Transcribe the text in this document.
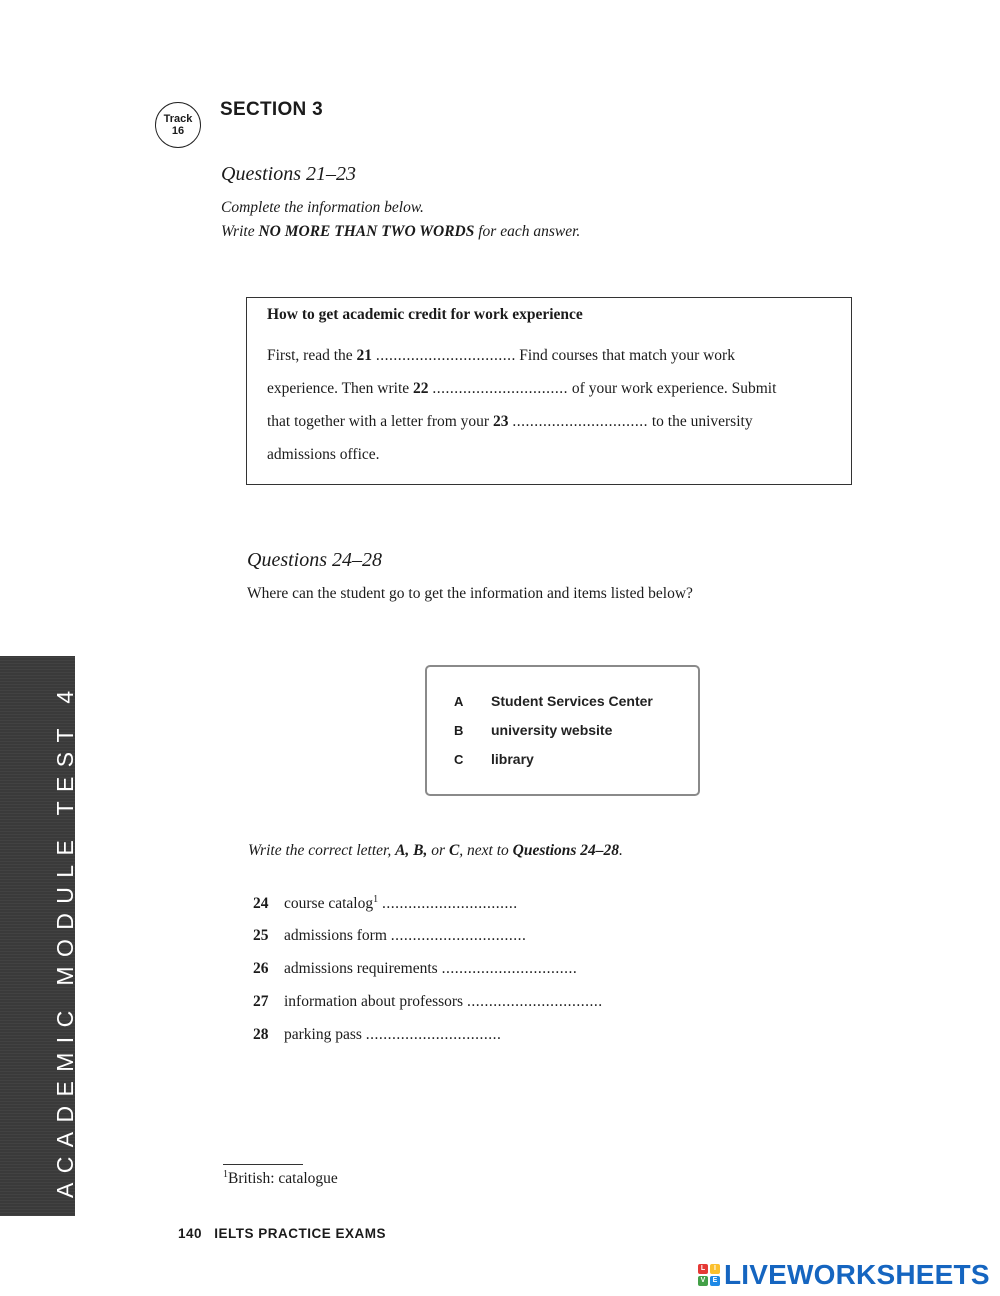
Track
16
SECTION 3
Questions 21–23
Complete the information below.
Write NO MORE THAN TWO WORDS for each answer.
How to get academic credit for work experience
First, read the 21 ................................ Find courses that match your work
experience. Then write 22 ............................... of your work experience. Submit
that together with a letter from your 23 ............................... to the university
admissions office.
Questions 24–28
Where can the student go to get the information and items listed below?
A Student Services Center
B university website
C library
Write the correct letter, A, B, or C, next to Questions 24–28.
24 course catalog$^1$ ...............................
25 admissions form ...............................
26 admissions requirements ...............................
27 information about professors ...............................
28 parking pass ...............................
$^1$British: catalogue
140 IELTS PRACTICE EXAMS
ACADEMIC MODULE TEST 4
L	I
V	E LIVEWORKSHEETS
